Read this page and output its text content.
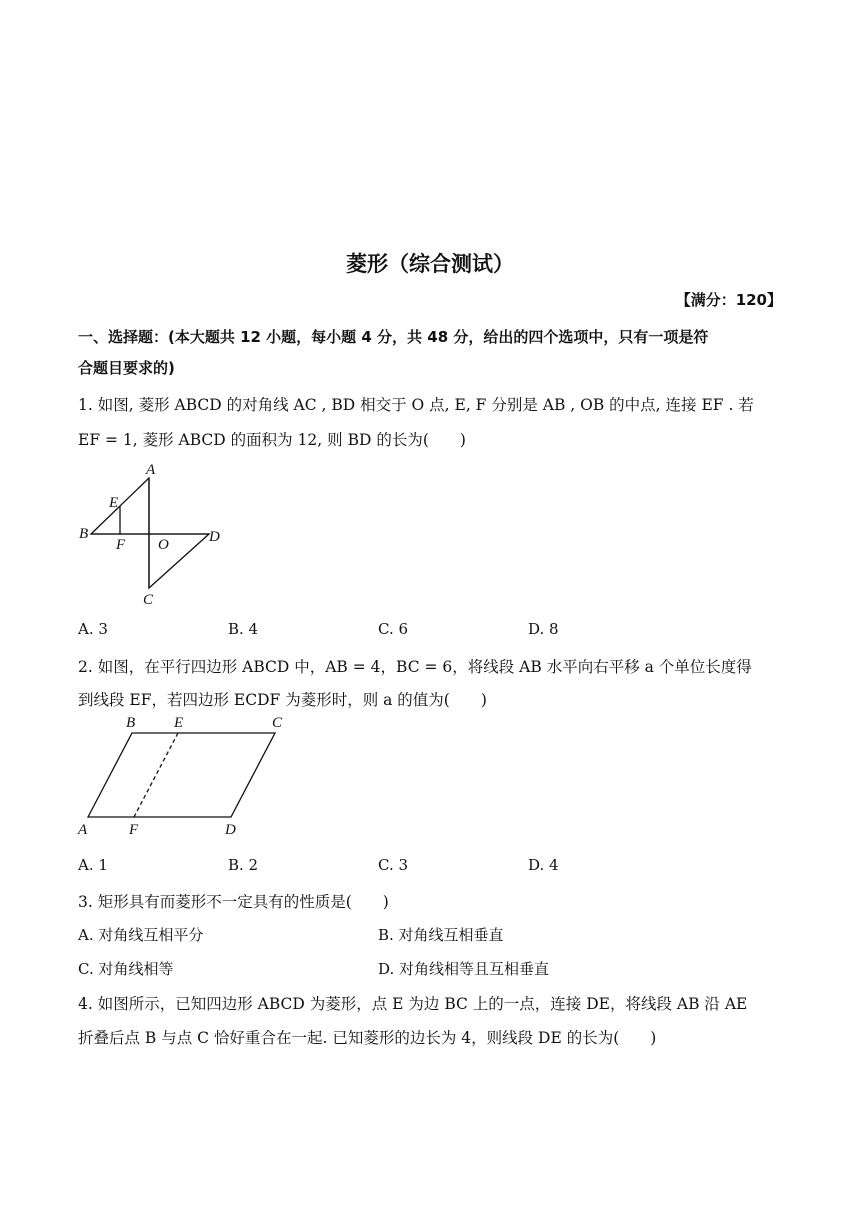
菱形（综合测试）
【满分：120】
一、选择题：(本大题共 12 小题，每小题 4 分，共 48 分，给出的四个选项中，只有一项是符
合题目要求的)
1. 如图, 菱形 ABCD 的对角线 AC , BD 相交于 O 点, E, F 分别是 AB , OB 的中点, 连接 EF . 若
EF = 1, 菱形 ABCD 的面积为 12, 则 BD 的长为(　　)
A
B
C
D
E
F O
A. 3	B. 4	C. 6	D. 8
2. 如图，在平行四边形 ABCD 中，AB = 4，BC = 6，将线段 AB 水平向右平移 a 个单位长度得
到线段 EF，若四边形 ECDF 为菱形时，则 a 的值为(　　)
B	E	C
A	F	D
A. 1	B. 2	C. 3	D. 4
3. 矩形具有而菱形不一定具有的性质是(　　)
A. 对角线互相平分	B. 对角线互相垂直
C. 对角线相等	D. 对角线相等且互相垂直
4. 如图所示，已知四边形 ABCD 为菱形，点 E 为边 BC 上的一点，连接 DE，将线段 AB 沿 AE
折叠后点 B 与点 C 恰好重合在一起. 已知菱形的边长为 4，则线段 DE 的长为(　　)
